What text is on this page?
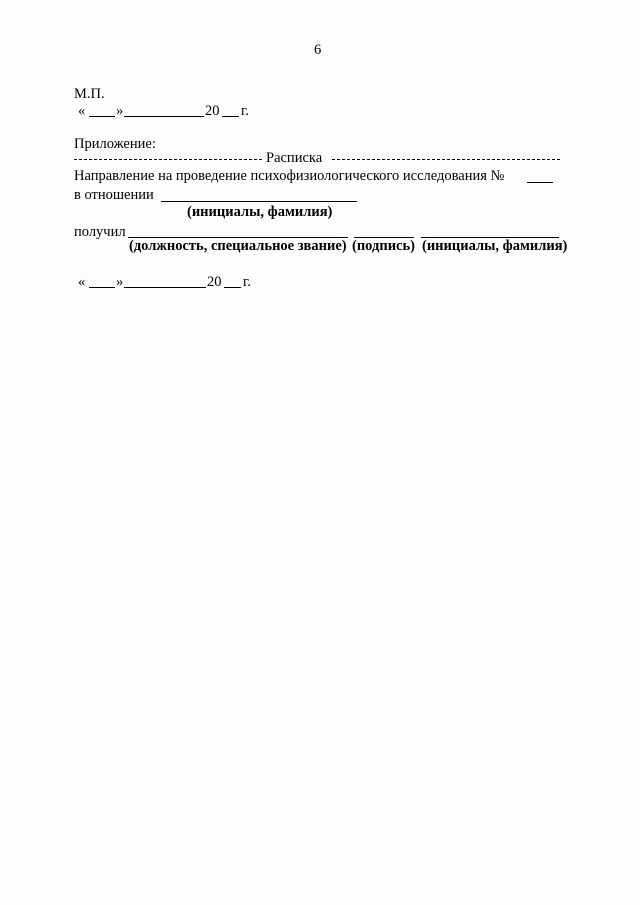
6
М.П.
« »	20 г.
Приложение:
Расписка
Направление на проведение психофизиологического исследования №
в отношении
(инициалы, фамилия)
получил
(должность, специальное звание) (подпись) (инициалы, фамилия)
« »	20 г.
